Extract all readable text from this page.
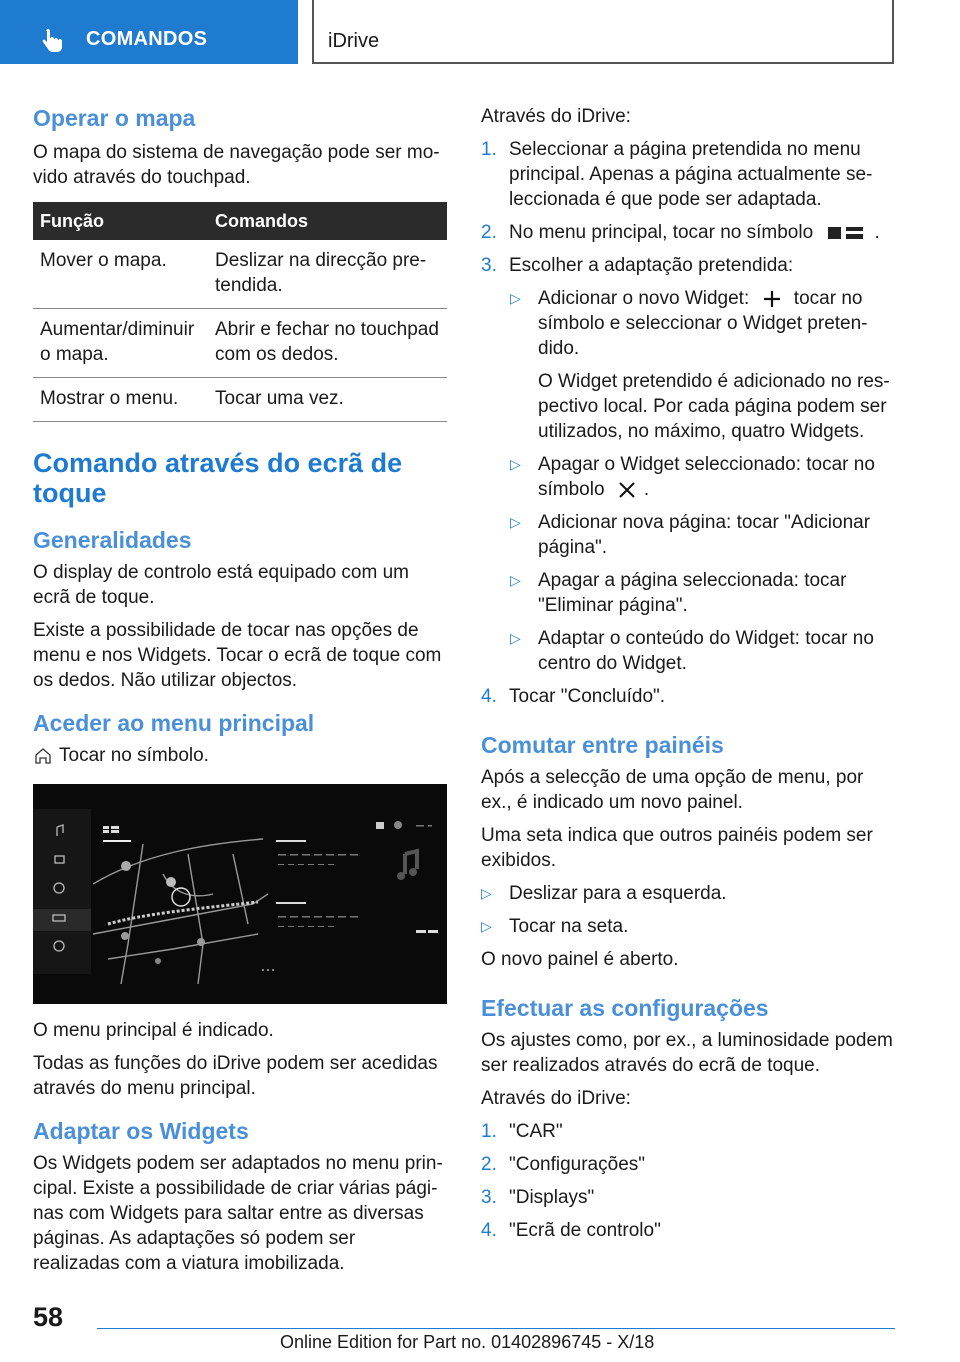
COMANDOS	iDrive
Operar o mapa

O mapa do sistema de navegação pode ser mo-vido através do touchpad.

Função	Comandos
Mover o mapa.	Deslizar na direcção pre-tendida.
Aumentar/diminuir o mapa.	Abrir e fechar no touchpad com os dedos.
Mostrar o menu.	Tocar uma vez.
Comando através do ecrã de toque
Generalidades

O display de controlo está equipado com um ecrã de toque.

Existe a possibilidade de tocar nas opções de menu e nos Widgets. Tocar o ecrã de toque com os dedos. Não utilizar objectos.

Aceder ao menu principal

Tocar no símbolo.

O menu principal é indicado.

Todas as funções do iDrive podem ser acedidas através do menu principal.

Adaptar os Widgets

Os Widgets podem ser adaptados no menu prin-cipal. Existe a possibilidade de criar várias pági-nas com Widgets para saltar entre as diversas páginas. As adaptações só podem ser realizadas com a viatura imobilizada.

Através do iDrive:

1. Seleccionar a página pretendida no menu principal. Apenas a página actualmente se-leccionada é que pode ser adaptada.
2. No menu principal, tocar no símbolo	.
3. Escolher a adaptação pretendida:
▷ Adicionar o novo Widget: tocar no símbolo e seleccionar o Widget preten-dido.
O Widget pretendido é adicionado no res-pectivo local. Por cada página podem ser utilizados, no máximo, quatro Widgets.
▷ Apagar o Widget seleccionado: tocar no símbolo .
▷ Adicionar nova página: tocar "Adicionar página".
▷ Apagar a página seleccionada: tocar "Eliminar página".
▷ Adaptar o conteúdo do Widget: tocar no centro do Widget.
4. Tocar "Concluído".
Comutar entre painéis

Após a selecção de uma opção de menu, por ex., é indicado um novo painel.

Uma seta indica que outros painéis podem ser exibidos.

▷ Deslizar para a esquerda.
▷ Tocar na seta.

O novo painel é aberto.

Efectuar as configurações

Os ajustes como, por ex., a luminosidade podem ser realizados através do ecrã de toque.

Através do iDrive:

1. "CAR"
2. "Configurações"
3. "Displays"
4. "Ecrã de controlo"
58
Online Edition for Part no. 01402896745 - X/18
